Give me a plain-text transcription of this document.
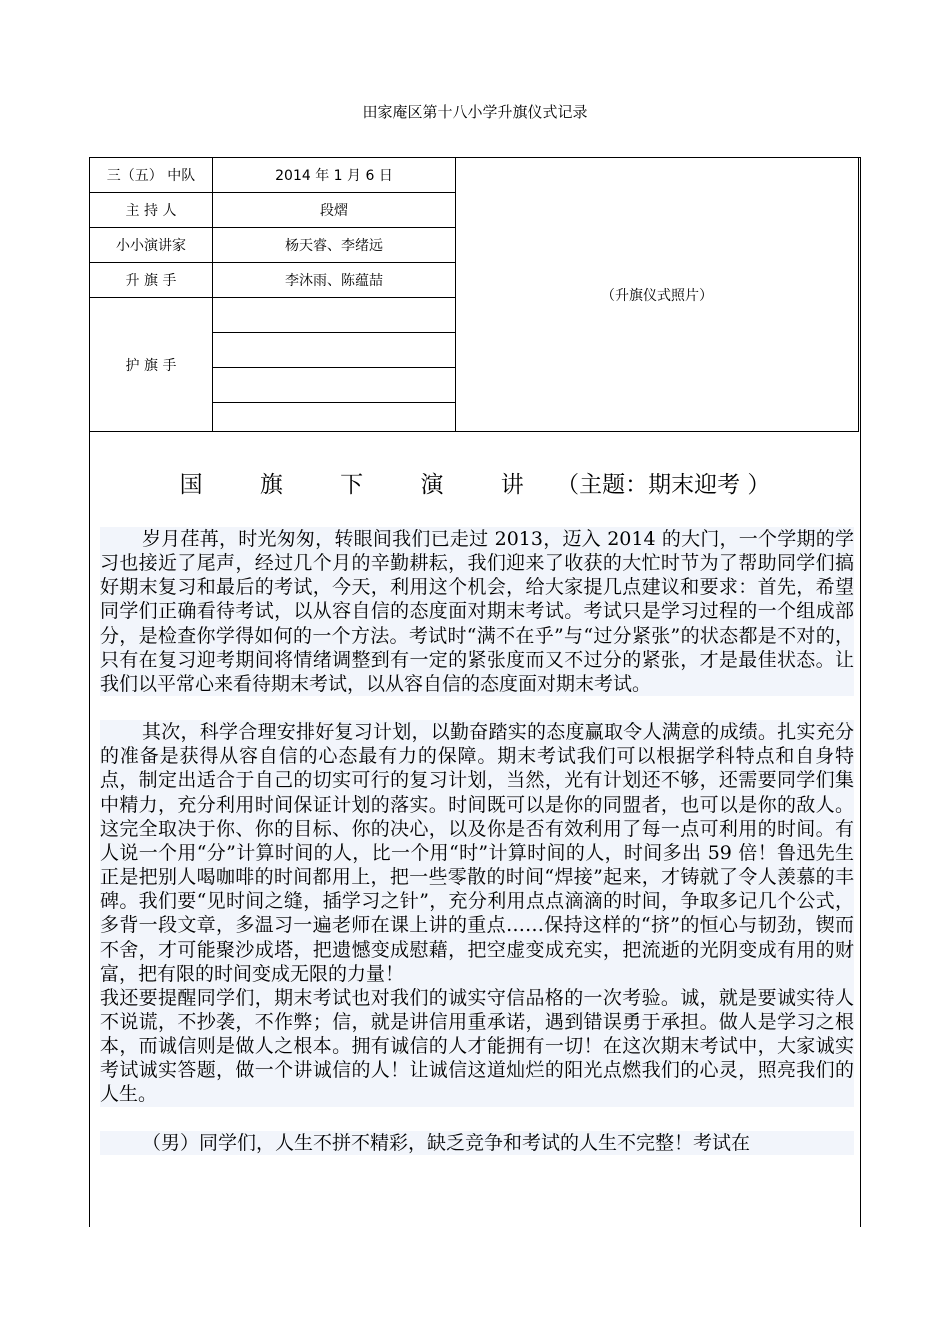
田家庵区第十八小学升旗仪式记录
三（五） 中队	2014 年 1 月 6 日	（升旗仪式照片）
主 持 人	段熠	
小小演讲家	杨天睿、李绪远	
升 旗 手	李沐雨、陈蕴喆	
护 旗 手		
国 旗 下 演 讲 （主题：期末迎考 ）

岁月荏苒，时光匆匆，转眼间我们已走过 2013，迈入 2014 的大门，一个学期的学习也接近了尾声，经过几个月的辛勤耕耘，我们迎来了收获的大忙时节为了帮助同学们搞好期末复习和最后的考试，今天，利用这个机会，给大家提几点建议和要求：首先，希望同学们正确看待考试，以从容自信的态度面对期末考试。考试只是学习过程的一个组成部分，是检查你学得如何的一个方法。考试时“满不在乎”与“过分紧张”的状态都是不对的，只有在复习迎考期间将情绪调整到有一定的紧张度而又不过分的紧张，才是最佳状态。让我们以平常心来看待期末考试，以从容自信的态度面对期末考试。

其次，科学合理安排好复习计划，以勤奋踏实的态度赢取令人满意的成绩。扎实充分的准备是获得从容自信的心态最有力的保障。期末考试我们可以根据学科特点和自身特点，制定出适合于自己的切实可行的复习计划，当然，光有计划还不够，还需要同学们集中精力，充分利用时间保证计划的落实。时间既可以是你的同盟者，也可以是你的敌人。这完全取决于你、你的目标、你的决心，以及你是否有效利用了每一点可利用的时间。有人说一个用“分”计算时间的人，比一个用“时”计算时间的人，时间多出 59 倍！鲁迅先生正是把别人喝咖啡的时间都用上，把一些零散的时间“焊接”起来，才铸就了令人羡慕的丰碑。我们要“见时间之缝，插学习之针”，充分利用点点滴滴的时间，争取多记几个公式，多背一段文章，多温习一遍老师在课上讲的重点……保持这样的“挤”的恒心与韧劲，锲而不舍，才可能聚沙成塔，把遗憾变成慰藉，把空虚变成充实，把流逝的光阴变成有用的财富，把有限的时间变成无限的力量！

我还要提醒同学们，期末考试也对我们的诚实守信品格的一次考验。诚，就是要诚实待人不说谎，不抄袭，不作弊；信，就是讲信用重承诺，遇到错误勇于承担。做人是学习之根本，而诚信则是做人之根本。拥有诚信的人才能拥有一切！在这次期末考试中，大家诚实考试诚实答题，做一个讲诚信的人！让诚信这道灿烂的阳光点燃我们的心灵，照亮我们的人生。

（男）同学们，人生不拼不精彩，缺乏竞争和考试的人生不完整！考试在
